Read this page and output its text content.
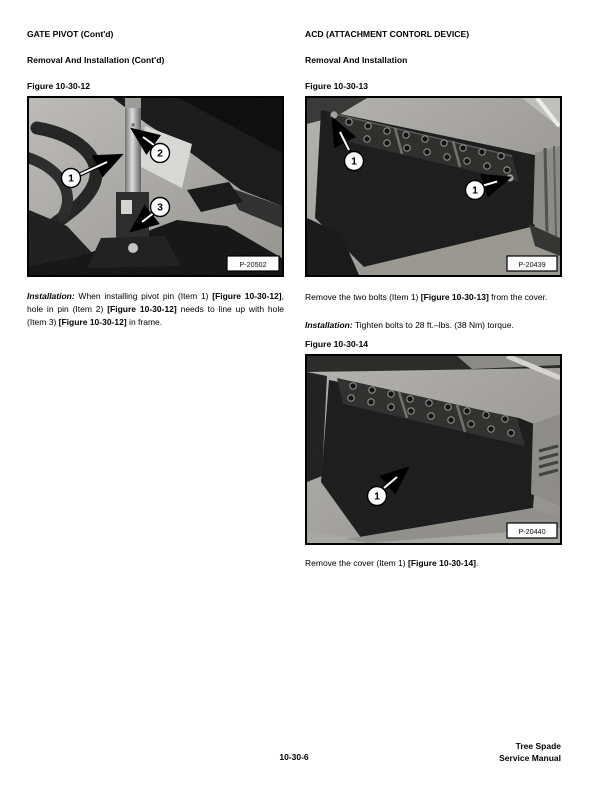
GATE PIVOT (Cont'd)
Removal And Installation (Cont'd)
Figure 10-30-12
1
2
3
P-20502

Installation: When installing pivot pin (Item 1) [Figure 10-30-12], hole in pin (Item 2) [Figure 10-30-12] needs to line up with hole (Item 3) [Figure 10-30-12] in frame.

ACD (ATTACHMENT CONTORL DEVICE)
Removal And Installation
Figure 10-30-13
1
1
P-20439

Remove the two bolts (Item 1) [Figure 10-30-13] from the cover.

Installation: Tighten bolts to 28 ft.–lbs. (38 Nm) torque.

Figure 10-30-14
1
P-20440

Remove the cover (Item 1) [Figure 10-30-14].

10-30-6
Tree Spade
Service Manual
